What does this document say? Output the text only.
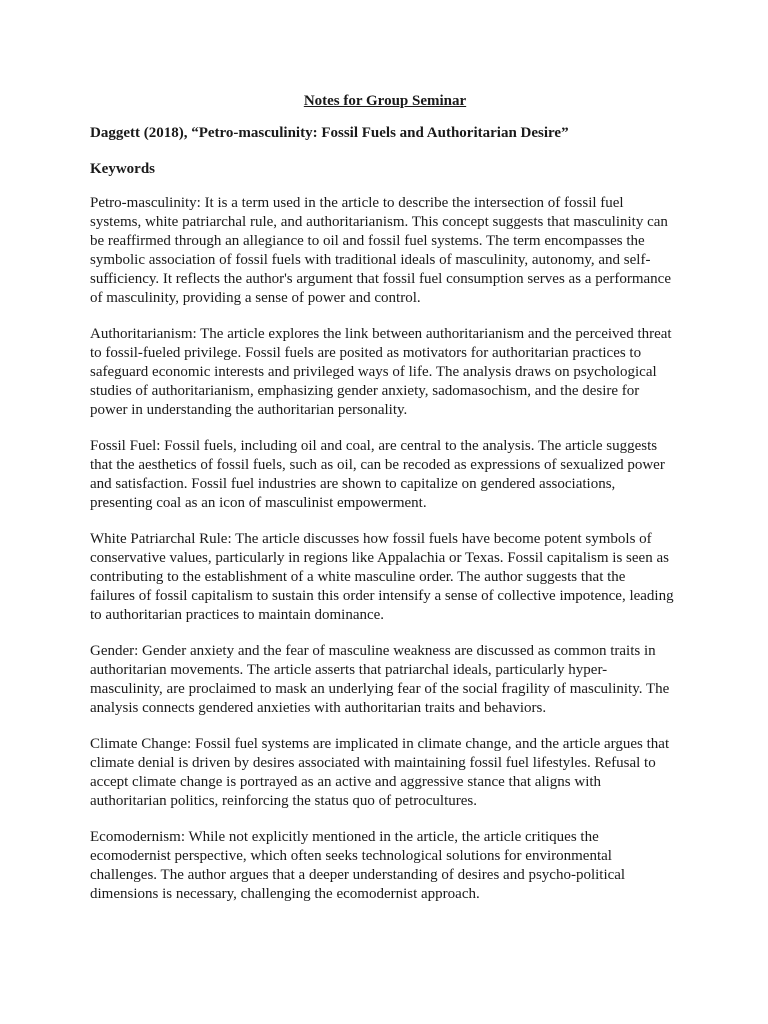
Notes for Group Seminar
Daggett (2018), “Petro-masculinity: Fossil Fuels and Authoritarian Desire”
Keywords

Petro-masculinity: It is a term used in the article to describe the intersection of fossil fuel
systems, white patriarchal rule, and authoritarianism. This concept suggests that masculinity can
be reaffirmed through an allegiance to oil and fossil fuel systems. The term encompasses the
symbolic association of fossil fuels with traditional ideals of masculinity, autonomy, and self-
sufficiency. It reflects the author's argument that fossil fuel consumption serves as a performance
of masculinity, providing a sense of power and control.

Authoritarianism: The article explores the link between authoritarianism and the perceived threat
to fossil-fueled privilege. Fossil fuels are posited as motivators for authoritarian practices to
safeguard economic interests and privileged ways of life. The analysis draws on psychological
studies of authoritarianism, emphasizing gender anxiety, sadomasochism, and the desire for
power in understanding the authoritarian personality.

Fossil Fuel: Fossil fuels, including oil and coal, are central to the analysis. The article suggests
that the aesthetics of fossil fuels, such as oil, can be recoded as expressions of sexualized power
and satisfaction. Fossil fuel industries are shown to capitalize on gendered associations,
presenting coal as an icon of masculinist empowerment.

White Patriarchal Rule: The article discusses how fossil fuels have become potent symbols of
conservative values, particularly in regions like Appalachia or Texas. Fossil capitalism is seen as
contributing to the establishment of a white masculine order. The author suggests that the
failures of fossil capitalism to sustain this order intensify a sense of collective impotence, leading
to authoritarian practices to maintain dominance.

Gender: Gender anxiety and the fear of masculine weakness are discussed as common traits in
authoritarian movements. The article asserts that patriarchal ideals, particularly hyper-
masculinity, are proclaimed to mask an underlying fear of the social fragility of masculinity. The
analysis connects gendered anxieties with authoritarian traits and behaviors.

Climate Change: Fossil fuel systems are implicated in climate change, and the article argues that
climate denial is driven by desires associated with maintaining fossil fuel lifestyles. Refusal to
accept climate change is portrayed as an active and aggressive stance that aligns with
authoritarian politics, reinforcing the status quo of petrocultures.

Ecomodernism: While not explicitly mentioned in the article, the article critiques the
ecomodernist perspective, which often seeks technological solutions for environmental
challenges. The author argues that a deeper understanding of desires and psycho-political
dimensions is necessary, challenging the ecomodernist approach.
